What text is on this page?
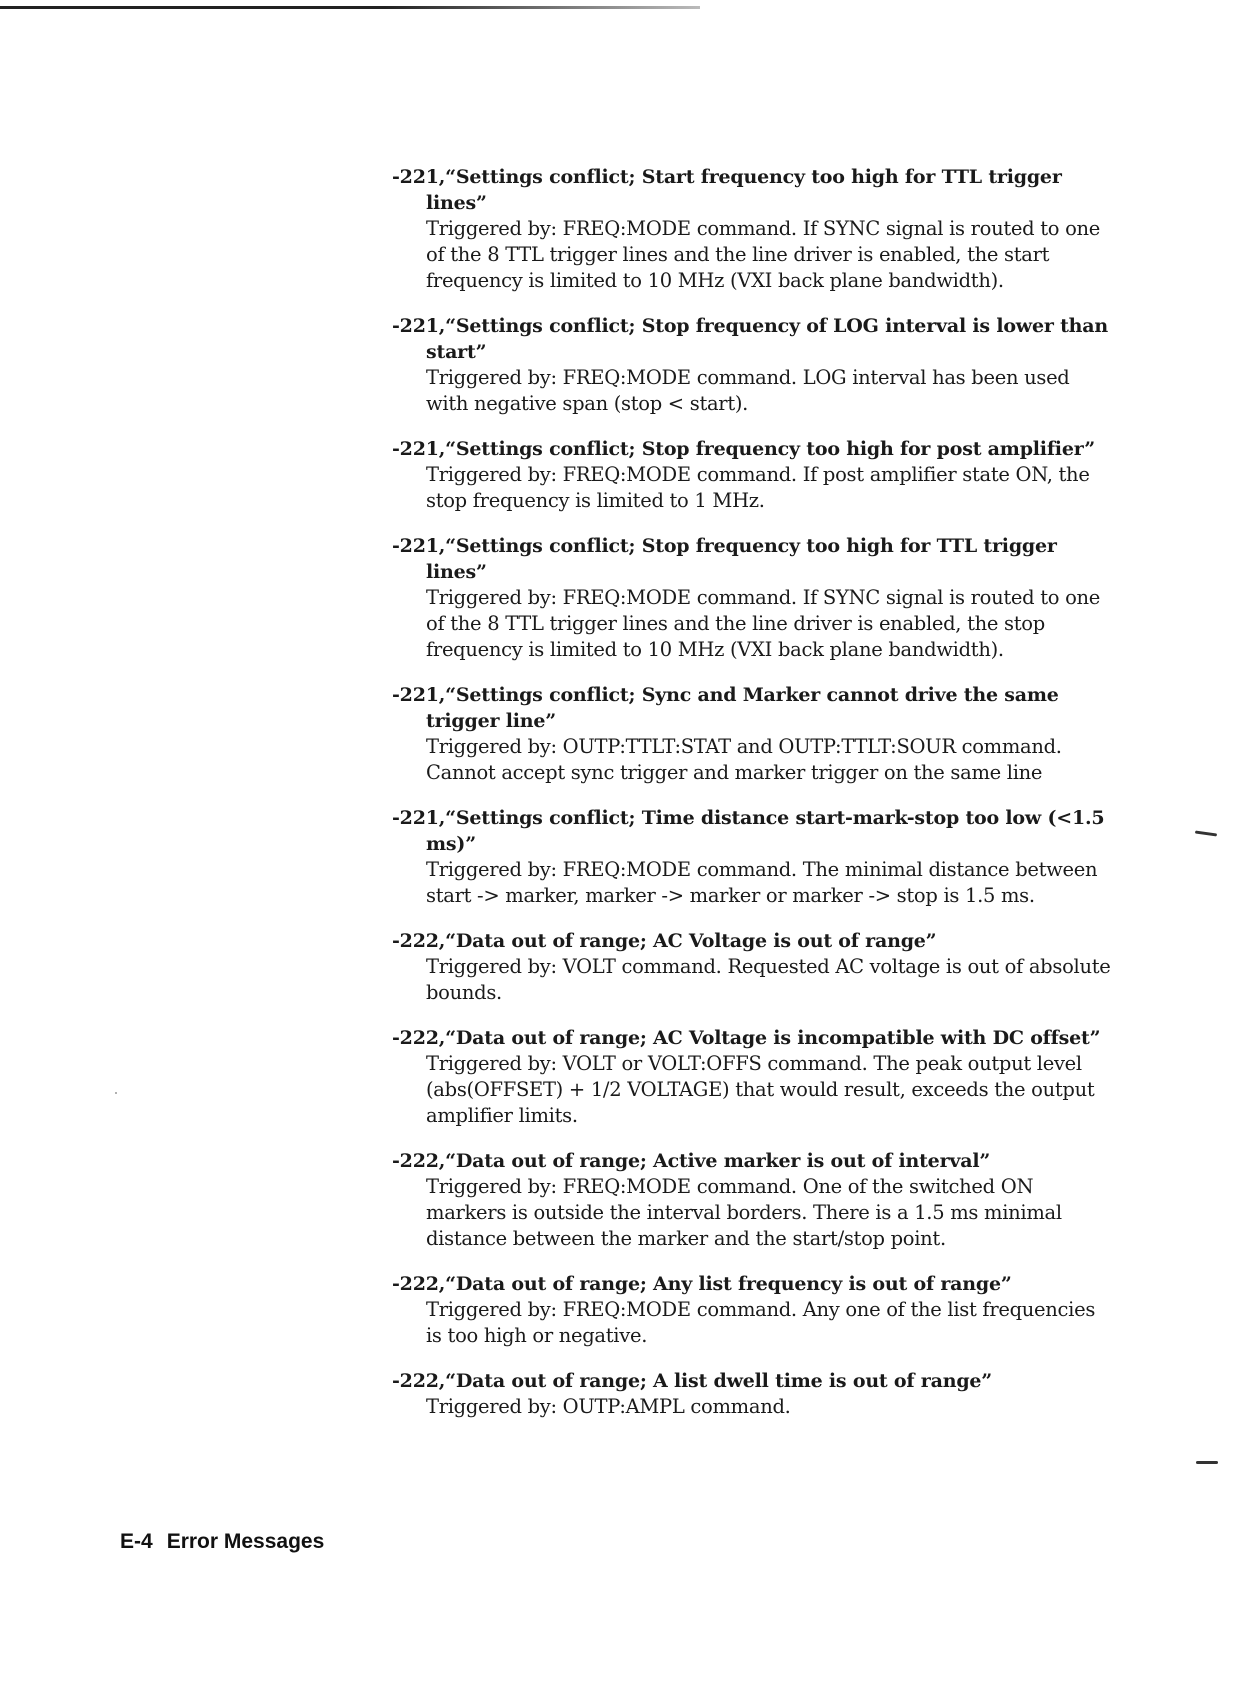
-221,“Settings conflict; Start frequency too high for TTL trigger lines”
Triggered by: FREQ:MODE command. If SYNC signal is routed to one of the 8 TTL trigger lines and the line driver is enabled, the start frequency is limited to 10 MHz (VXI back plane bandwidth).
-221,“Settings conflict; Stop frequency of LOG interval is lower than start”
Triggered by: FREQ:MODE command. LOG interval has been used with negative span (stop < start).
-221,“Settings conflict; Stop frequency too high for post amplifier”
Triggered by: FREQ:MODE command. If post amplifier state ON, the stop frequency is limited to 1 MHz.
-221,“Settings conflict; Stop frequency too high for TTL trigger lines”
Triggered by: FREQ:MODE command. If SYNC signal is routed to one of the 8 TTL trigger lines and the line driver is enabled, the stop frequency is limited to 10 MHz (VXI back plane bandwidth).
-221,“Settings conflict; Sync and Marker cannot drive the same trigger line”
Triggered by: OUTP:TTLT:STAT and OUTP:TTLT:SOUR command. Cannot accept sync trigger and marker trigger on the same line
-221,“Settings conflict; Time distance start-mark-stop too low (<1.5 ms)”
Triggered by: FREQ:MODE command. The minimal distance between start -> marker, marker -> marker or marker -> stop is 1.5 ms.
-222,“Data out of range; AC Voltage is out of range”
Triggered by: VOLT command. Requested AC voltage is out of absolute bounds.
-222,“Data out of range; AC Voltage is incompatible with DC offset”
Triggered by: VOLT or VOLT:OFFS command. The peak output level (abs(OFFSET) + 1/2 VOLTAGE) that would result, exceeds the output amplifier limits.
-222,“Data out of range; Active marker is out of interval”
Triggered by: FREQ:MODE command. One of the switched ON markers is outside the interval borders. There is a 1.5 ms minimal distance between the marker and the start/stop point.
-222,“Data out of range; Any list frequency is out of range”
Triggered by: FREQ:MODE command. Any one of the list frequencies is too high or negative.
-222,“Data out of range; A list dwell time is out of range”
Triggered by: OUTP:AMPL command.
E-4 Error Messages
